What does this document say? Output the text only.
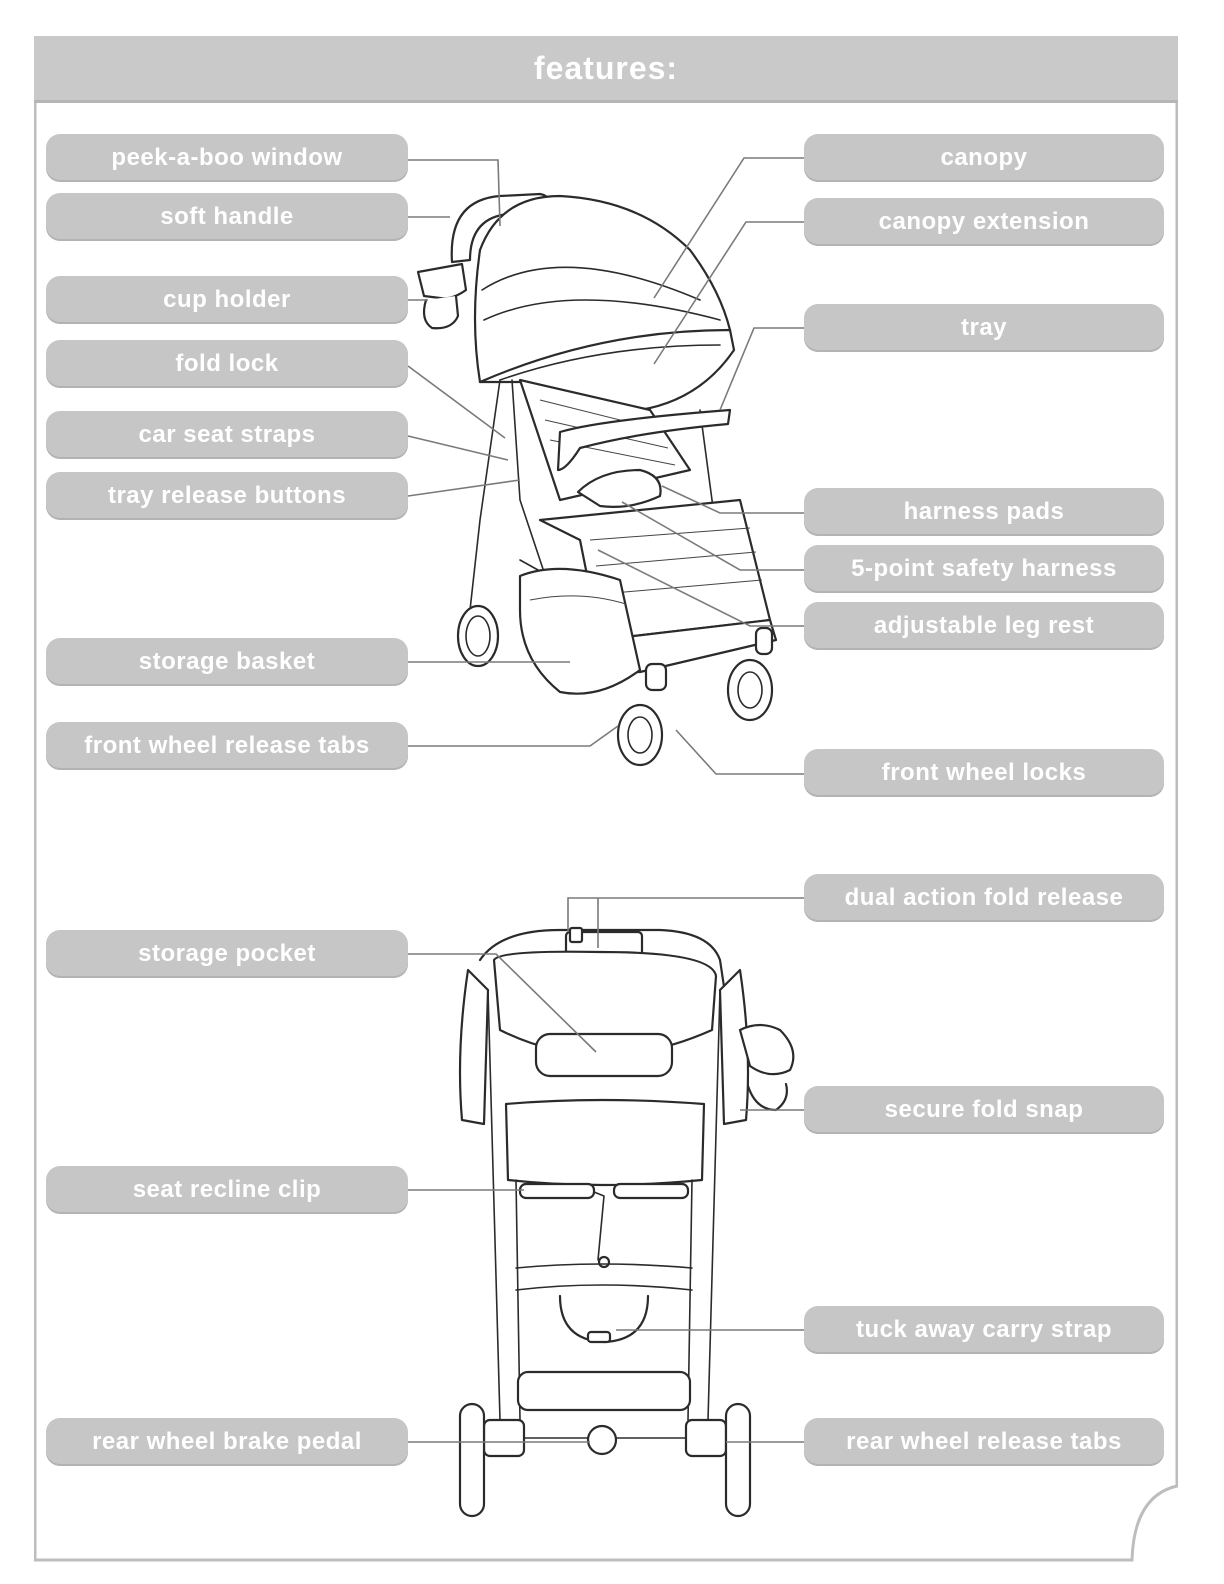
features:
peek-a-boo window
soft handle
cup holder
fold lock
car seat straps
tray release buttons
storage basket
front wheel release tabs
storage pocket
seat recline clip
rear wheel brake pedal
canopy
canopy extension
tray
harness pads
5-point safety harness
adjustable leg rest
front wheel locks
dual action fold release
secure fold snap
tuck away carry strap
rear wheel release tabs
